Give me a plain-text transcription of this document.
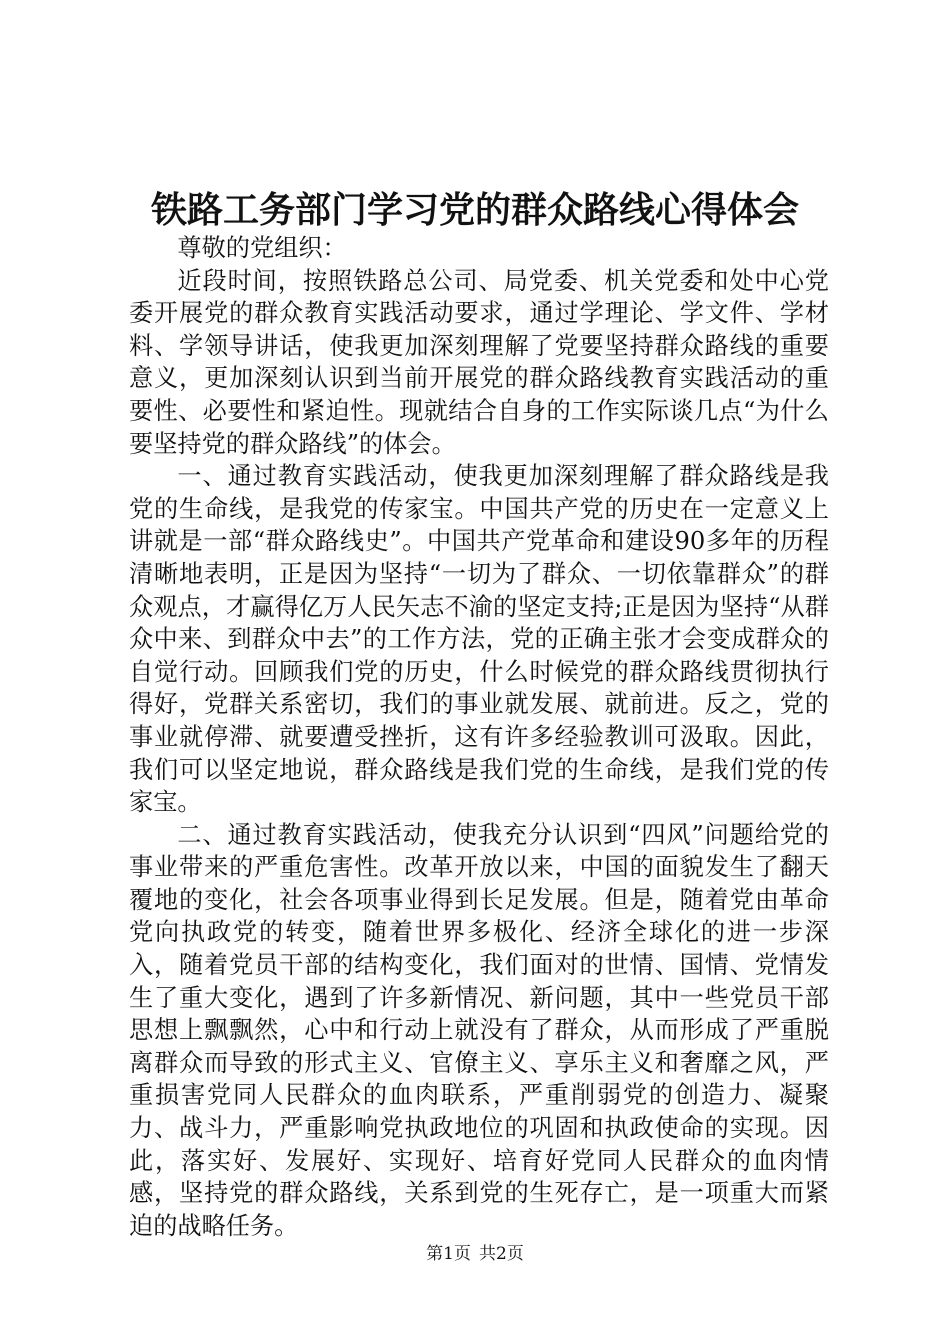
铁路工务部门学习党的群众路线心得体会

尊敬的党组织：

近段时间，按照铁路总公司、局党委、机关党委和处中心党委开展党的群众教育实践活动要求，通过学理论、学文件、学材料、学领导讲话，使我更加深刻理解了党要坚持群众路线的重要意义，更加深刻认识到当前开展党的群众路线教育实践活动的重要性、必要性和紧迫性。现就结合自身的工作实际谈几点“为什么要坚持党的群众路线”的体会。

一、通过教育实践活动，使我更加深刻理解了群众路线是我党的生命线，是我党的传家宝。中国共产党的历史在一定意义上讲就是一部“群众路线史”。中国共产党革命和建设90多年的历程清晰地表明，正是因为坚持“一切为了群众、一切依靠群众”的群众观点，才赢得亿万人民矢志不渝的坚定支持;正是因为坚持“从群众中来、到群众中去”的工作方法，党的正确主张才会变成群众的自觉行动。回顾我们党的历史，什么时候党的群众路线贯彻执行得好，党群关系密切，我们的事业就发展、就前进。反之，党的事业就停滞、就要遭受挫折，这有许多经验教训可汲取。因此，我们可以坚定地说，群众路线是我们党的生命线，是我们党的传家宝。

二、通过教育实践活动，使我充分认识到“四风”问题给党的事业带来的严重危害性。改革开放以来，中国的面貌发生了翻天覆地的变化，社会各项事业得到长足发展。但是，随着党由革命党向执政党的转变，随着世界多极化、经济全球化的进一步深入，随着党员干部的结构变化，我们面对的世情、国情、党情发生了重大变化，遇到了许多新情况、新问题，其中一些党员干部思想上飘飘然，心中和行动上就没有了群众，从而形成了严重脱离群众而导致的形式主义、官僚主义、享乐主义和奢靡之风，严重损害党同人民群众的血肉联系，严重削弱党的创造力、凝聚力、战斗力，严重影响党执政地位的巩固和执政使命的实现。因此，落实好、发展好、实现好、培育好党同人民群众的血肉情感，坚持党的群众路线，关系到党的生死存亡，是一项重大而紧迫的战略任务。

第1页 共2页
